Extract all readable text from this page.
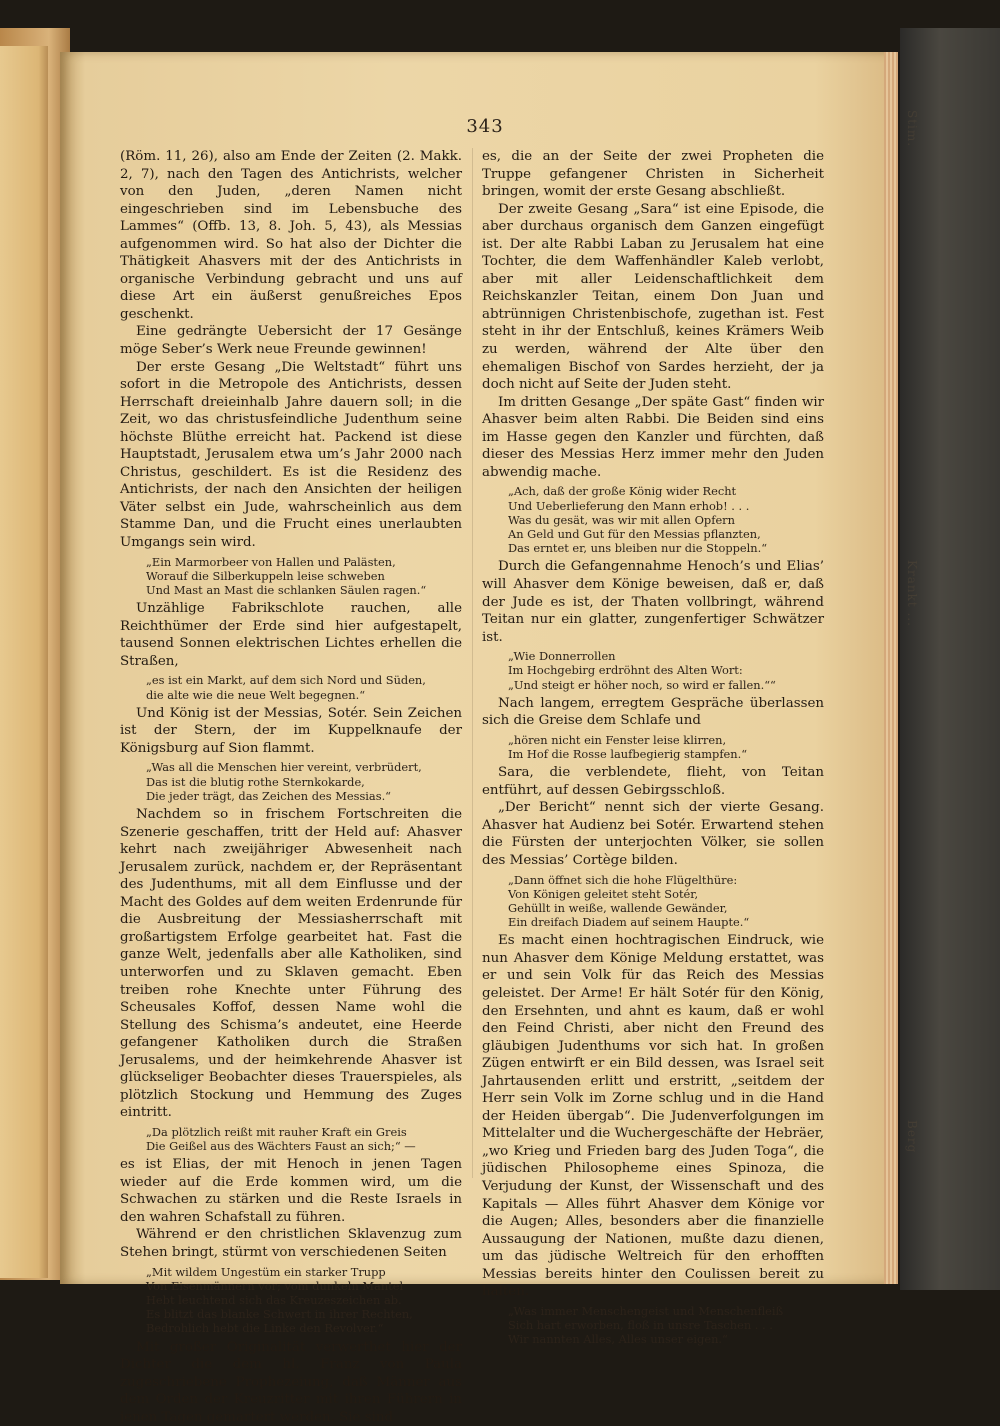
343

(Röm. 11, 26), also am Ende der Zeiten (2. Makk. 2, 7), nach den Tagen des Antichrists, welcher von den Juden, „deren Namen nicht eingeschrieben sind im Lebensbuche des Lammes“ (Offb. 13, 8. Joh. 5, 43), als Messias aufgenommen wird. So hat also der Dichter die Thätigkeit Ahasvers mit der des Antichrists in organische Verbindung gebracht und uns auf diese Art ein äußerst genußreiches Epos geschenkt.

Eine gedrängte Uebersicht der 17 Gesänge möge Seber’s Werk neue Freunde gewinnen!

Der erste Gesang „Die Weltstadt“ führt uns sofort in die Metropole des Antichrists, dessen Herrschaft dreieinhalb Jahre dauern soll; in die Zeit, wo das christusfeindliche Judenthum seine höchste Blüthe erreicht hat. Packend ist diese Hauptstadt, Jerusalem etwa um’s Jahr 2000 nach Christus, geschildert. Es ist die Residenz des Antichrists, der nach den Ansichten der heiligen Väter selbst ein Jude, wahrscheinlich aus dem Stamme Dan, und die Frucht eines unerlaubten Umgangs sein wird.

„Ein Marmorbeer von Hallen und Palästen,
Worauf die Silberkuppeln leise schweben
Und Mast an Mast die schlanken Säulen ragen.“

Unzählige Fabrikschlote rauchen, alle Reichthümer der Erde sind hier aufgestapelt, tausend Sonnen elektrischen Lichtes erhellen die Straßen,

„es ist ein Markt, auf dem sich Nord und Süden,
die alte wie die neue Welt begegnen.“

Und König ist der Messias, Sotér. Sein Zeichen ist der Stern, der im Kuppelknaufe der Königsburg auf Sion flammt.

„Was all die Menschen hier vereint, verbrüdert,
Das ist die blutig rothe Sternkokarde,
Die jeder trägt, das Zeichen des Messias.“

Nachdem so in frischem Fortschreiten die Szenerie geschaffen, tritt der Held auf: Ahasver kehrt nach zweijähriger Abwesenheit nach Jerusalem zurück, nachdem er, der Repräsentant des Judenthums, mit all dem Einflusse und der Macht des Goldes auf dem weiten Erdenrunde für die Ausbreitung der Messiasherrschaft mit großartigstem Erfolge gearbeitet hat. Fast die ganze Welt, jedenfalls aber alle Katholiken, sind unterworfen und zu Sklaven gemacht. Eben treiben rohe Knechte unter Führung des Scheusales Koffof, dessen Name wohl die Stellung des Schisma’s andeutet, eine Heerde gefangener Katholiken durch die Straßen Jerusalems, und der heimkehrende Ahasver ist glückseliger Beobachter dieses Trauerspieles, als plötzlich Stockung und Hemmung des Zuges eintritt.

„Da plötzlich reißt mit rauher Kraft ein Greis
Die Geißel aus des Wächters Faust an sich;“ —

es ist Elias, der mit Henoch in jenen Tagen wieder auf die Erde kommen wird, um die Schwachen zu stärken und die Reste Israels in den wahren Schafstall zu führen.

Während er den christlichen Sklavenzug zum Stehen bringt, stürmt von verschiedenen Seiten

„Mit wildem Ungestüm ein starker Trupp
Von Eisenmännern vor; vom dunkeln Mantel
Hebt leuchtend sich das Kreuzeszeichen ab.
Es blitzt das blanke Schwert in ihrer Rechten,
Bedrohlich hebt die Linke den Revolver.“

Mit großer Originalität verwerthet hier der Dichter die dem hl. Franz von Paula zugeschriebene Prophezeiung, daß Männer aus dem Orden der Kreuzritter mit ihren Führern in jenen Tagen gemartert werden. Sie sind

es, die an der Seite der zwei Propheten die Truppe gefangener Christen in Sicherheit bringen, womit der erste Gesang abschließt.

Der zweite Gesang „Sara“ ist eine Episode, die aber durchaus organisch dem Ganzen eingefügt ist. Der alte Rabbi Laban zu Jerusalem hat eine Tochter, die dem Waffenhändler Kaleb verlobt, aber mit aller Leidenschaftlichkeit dem Reichskanzler Teitan, einem Don Juan und abtrünnigen Christenbischofe, zugethan ist. Fest steht in ihr der Entschluß, keines Krämers Weib zu werden, während der Alte über den ehemaligen Bischof von Sardes herzieht, der ja doch nicht auf Seite der Juden steht.

Im dritten Gesange „Der späte Gast“ finden wir Ahasver beim alten Rabbi. Die Beiden sind eins im Hasse gegen den Kanzler und fürchten, daß dieser des Messias Herz immer mehr den Juden abwendig mache.

„Ach, daß der große König wider Recht
Und Ueberlieferung den Mann erhob! . . .
Was du gesät, was wir mit allen Opfern
An Geld und Gut für den Messias pflanzten,
Das erntet er, uns bleiben nur die Stoppeln.“

Durch die Gefangennahme Henoch’s und Elias’ will Ahasver dem Könige beweisen, daß er, daß der Jude es ist, der Thaten vollbringt, während Teitan nur ein glatter, zungenfertiger Schwätzer ist.

„Wie Donnerrollen
Im Hochgebirg erdröhnt des Alten Wort:
„Und steigt er höher noch, so wird er fallen.““

Nach langem, erregtem Gespräche überlassen sich die Greise dem Schlafe und

„hören nicht ein Fenster leise klirren,
Im Hof die Rosse laufbegierig stampfen.“

Sara, die verblendete, flieht, von Teitan entführt, auf dessen Gebirgsschloß.

„Der Bericht“ nennt sich der vierte Gesang. Ahasver hat Audienz bei Sotér. Erwartend stehen die Fürsten der unterjochten Völker, sie sollen des Messias’ Cortège bilden.

„Dann öffnet sich die hohe Flügelthüre:
Von Königen geleitet steht Sotér,
Gehüllt in weiße, wallende Gewänder,
Ein dreifach Diadem auf seinem Haupte.“

Es macht einen hochtragischen Eindruck, wie nun Ahasver dem Könige Meldung erstattet, was er und sein Volk für das Reich des Messias geleistet. Der Arme! Er hält Sotér für den König, den Ersehnten, und ahnt es kaum, daß er wohl den Feind Christi, aber nicht den Freund des gläubigen Judenthums vor sich hat. In großen Zügen entwirft er ein Bild dessen, was Israel seit Jahrtausenden erlitt und erstritt, „seitdem der Herr sein Volk im Zorne schlug und in die Hand der Heiden übergab“. Die Judenverfolgungen im Mittelalter und die Wuchergeschäfte der Hebräer, „wo Krieg und Frieden barg des Juden Toga“, die jüdischen Philosopheme eines Spinoza, die Verjudung der Kunst, der Wissenschaft und des Kapitals — Alles führt Ahasver dem Könige vor die Augen; Alles, besonders aber die finanzielle Aussaugung der Nationen, mußte dazu dienen, um das jüdische Weltreich für den erhofften Messias bereits hinter den Coulissen bereit zu halten.

„Was immer Menschengeist und Menschenfleiß
Sich hart erworben, floß in unsre Taschen . . .
Wir nannten Alles, Alles unser eigen.“
Stim.
Krankt ...
Berg
